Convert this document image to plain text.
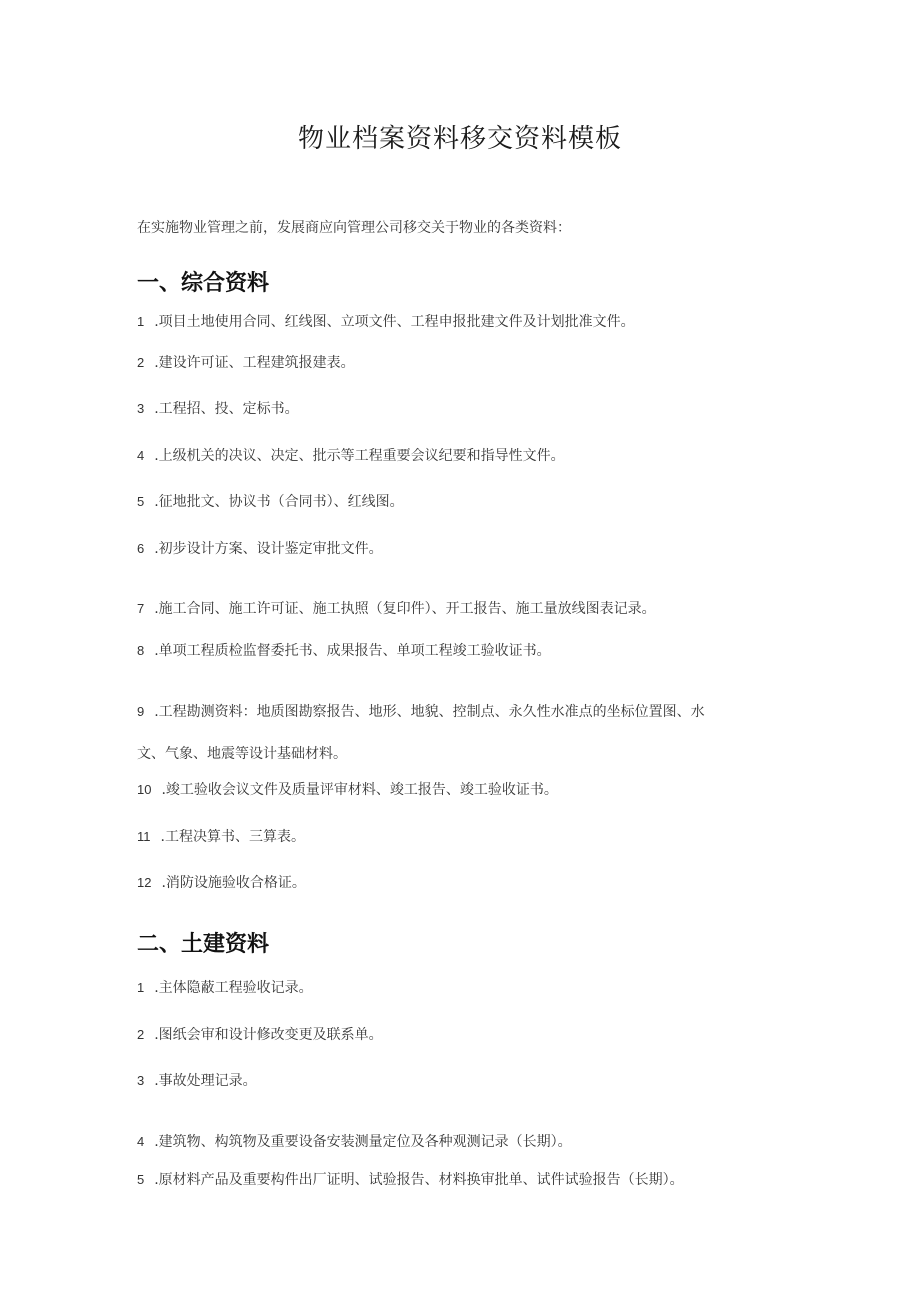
物业档案资料移交资料模板
在实施物业管理之前，发展商应向管理公司移交关于物业的各类资料：
一、综合资料
1 .项目土地使用合同、红线图、立项文件、工程申报批建文件及计划批准文件。
2 .建设许可证、工程建筑报建表。
3 .工程招、投、定标书。
4 .上级机关的决议、决定、批示等工程重要会议纪要和指导性文件。
5 .征地批文、协议书（合同书）、红线图。
6 .初步设计方案、设计鉴定审批文件。
7 .施工合同、施工许可证、施工执照（复印件）、开工报告、施工量放线图表记录。
8 .单项工程质检监督委托书、成果报告、单项工程竣工验收证书。
9 .工程勘测资料：地质图勘察报告、地形、地貌、控制点、永久性水准点的坐标位置图、水
文、气象、地震等设计基础材料。
10 .竣工验收会议文件及质量评审材料、竣工报告、竣工验收证书。
11 .工程决算书、三算表。
12 .消防设施验收合格证。
二、土建资料
1 .主体隐蔽工程验收记录。
2 .图纸会审和设计修改变更及联系单。
3 .事故处理记录。
4 .建筑物、构筑物及重要设备安装测量定位及各种观测记录（长期）。
5 .原材料产品及重要构件出厂证明、试验报告、材料换审批单、试件试验报告（长期）。
